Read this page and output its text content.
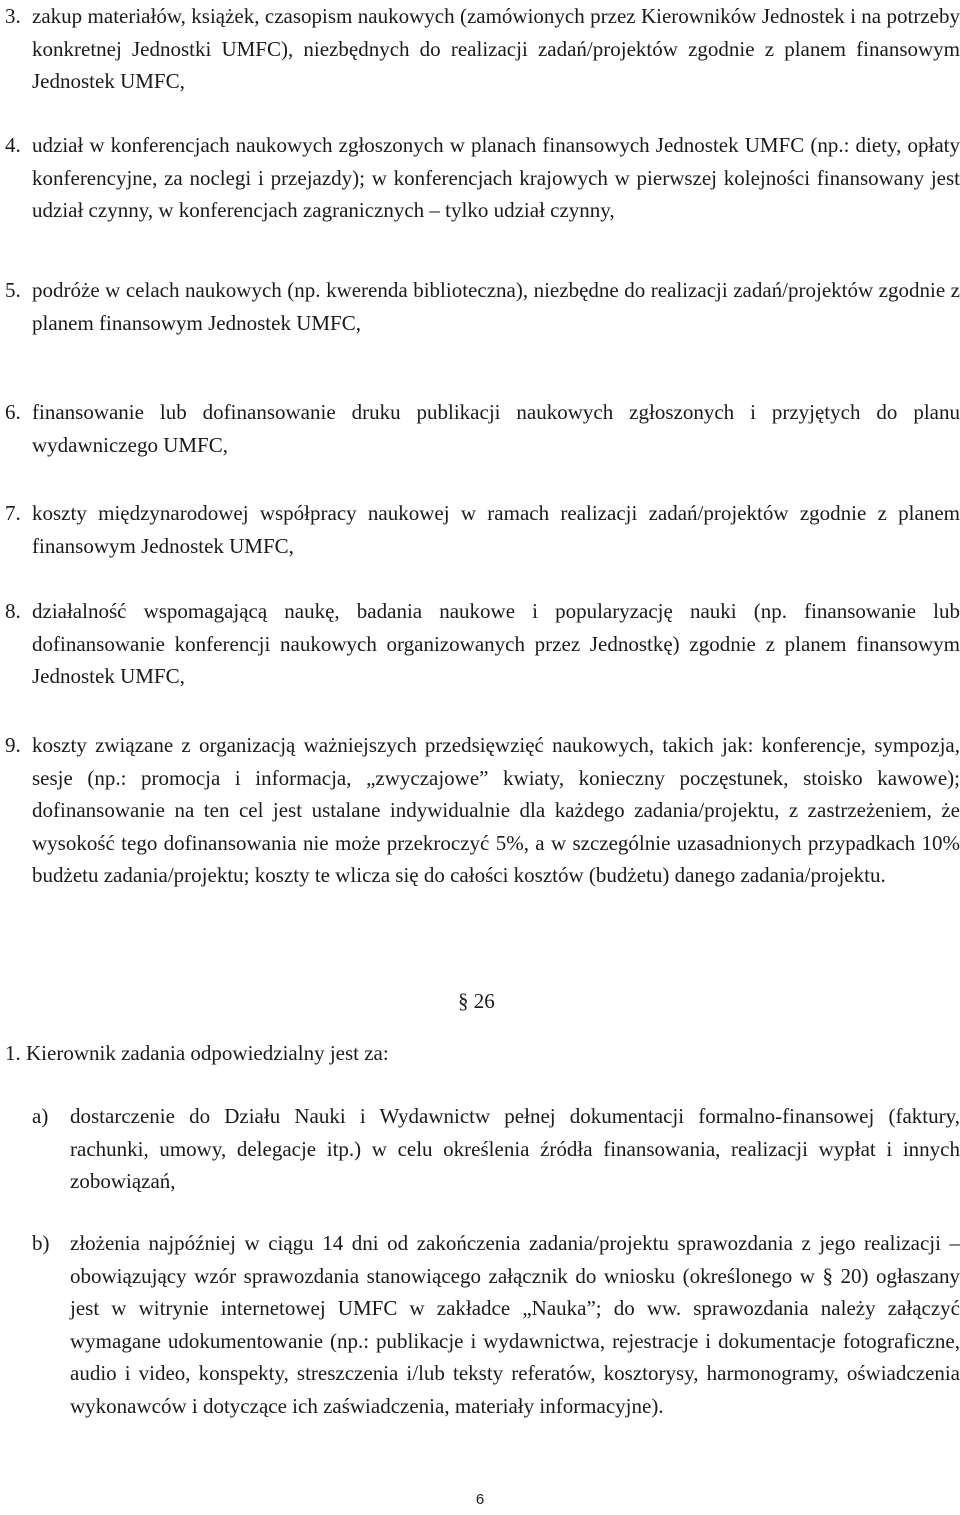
3. zakup materiałów, książek, czasopism naukowych (zamówionych przez Kierowników Jednostek i na potrzeby konkretnej Jednostki UMFC), niezbędnych do realizacji zadań/projektów zgodnie z planem finansowym Jednostek UMFC,
4. udział w konferencjach naukowych zgłoszonych w planach finansowych Jednostek UMFC (np.: diety, opłaty konferencyjne, za noclegi i przejazdy); w konferencjach krajowych w pierwszej kolejności finansowany jest udział czynny, w konferencjach zagranicznych – tylko udział czynny,
5. podróże w celach naukowych (np. kwerenda biblioteczna), niezbędne do realizacji zadań/projektów zgodnie z planem finansowym Jednostek UMFC,
6. finansowanie lub dofinansowanie druku publikacji naukowych zgłoszonych i przyjętych do planu wydawniczego UMFC,
7. koszty międzynarodowej współpracy naukowej w ramach realizacji zadań/projektów zgodnie z planem finansowym Jednostek UMFC,
8. działalność wspomagającą naukę, badania naukowe i popularyzację nauki (np. finansowanie lub dofinansowanie konferencji naukowych organizowanych przez Jednostkę) zgodnie z planem finansowym Jednostek UMFC,
9. koszty związane z organizacją ważniejszych przedsięwzięć naukowych, takich jak: konferencje, sympozja, sesje (np.: promocja i informacja, „zwyczajowe” kwiaty, konieczny poczęstunek, stoisko kawowe); dofinansowanie na ten cel jest ustalane indywidualnie dla każdego zadania/projektu, z zastrzeżeniem, że wysokość tego dofinansowania nie może przekroczyć 5%, a w szczególnie uzasadnionych przypadkach 10% budżetu zadania/projektu; koszty te wlicza się do całości kosztów (budżetu) danego zadania/projektu.
§ 26
1. Kierownik zadania odpowiedzialny jest za:
a) dostarczenie do Działu Nauki i Wydawnictw pełnej dokumentacji formalno-finansowej (faktury, rachunki, umowy, delegacje itp.) w celu określenia źródła finansowania, realizacji wypłat i innych zobowiązań,
b) złożenia najpóźniej w ciągu 14 dni od zakończenia zadania/projektu sprawozdania z jego realizacji – obowiązujący wzór sprawozdania stanowiącego załącznik do wniosku (określonego w § 20) ogłaszany jest w witrynie internetowej UMFC w zakładce „Nauka”; do ww. sprawozdania należy załączyć wymagane udokumentowanie (np.: publikacje i wydawnictwa, rejestracje i dokumentacje fotograficzne, audio i video, konspekty, streszczenia i/lub teksty referatów, kosztorysy, harmonogramy, oświadczenia wykonawców i dotyczące ich zaświadczenia, materiały informacyjne).
6
